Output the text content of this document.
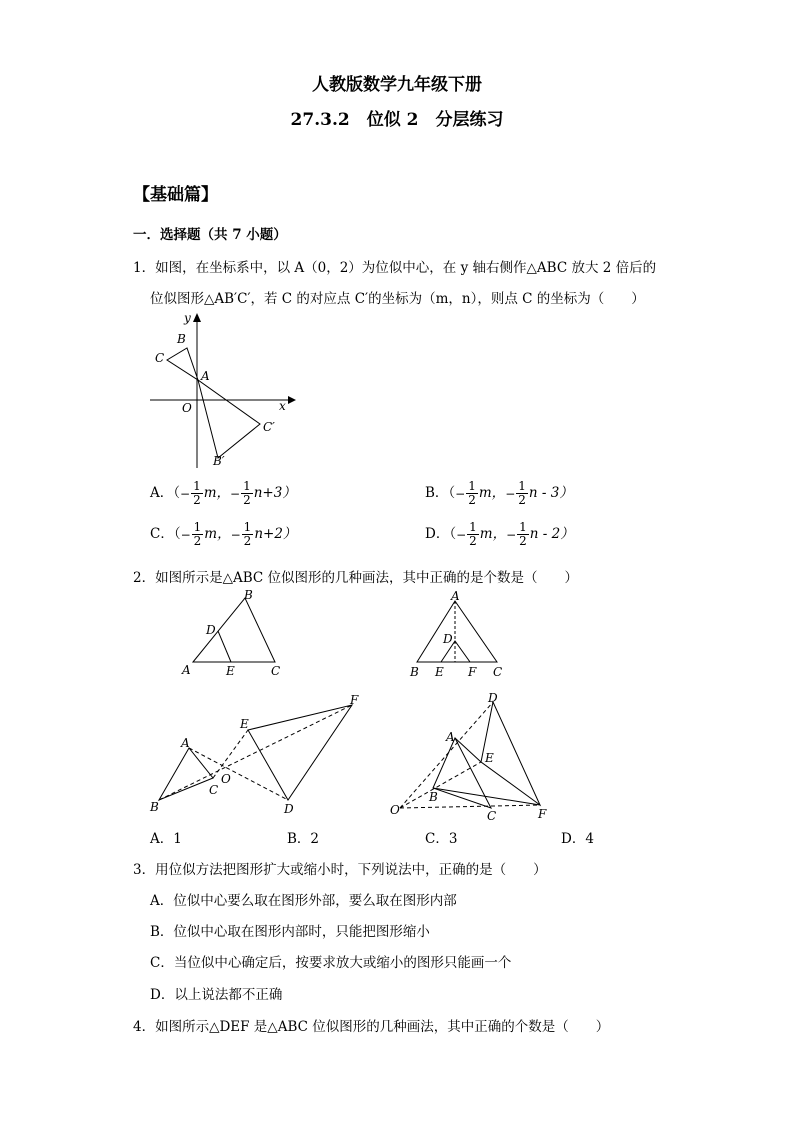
人教版数学九年级下册
27.3.2　位似 2　分层练习
【基础篇】
一．选择题（共 7 小题）
1．如图，在坐标系中，以 A（0，2）为位似中心，在 y 轴右侧作△ABC 放大 2 倍后的
位似图形△AB′C′，若 C 的对应点 C′的坐标为（m，n），则点 C 的坐标为（　　）
y
x
B
C
A
O
C′
B′
A．（− $\frac{1}{2}$ m，− $\frac{1}{2} n+3$）	B．（− $\frac{1}{2}$ m，− $\frac{1}{2}$ n - 3）
C．（− $\frac{1}{2}$ m，− $\frac{1}{2} n+2$）	D．（− $\frac{1}{2}$ m，− $\frac{1}{2}$ n - 2）
2．如图所示是△ABC 位似图形的几种画法，其中正确的是个数是（　　）
B
D
A	E	C
A
D
B E F C
A
B
C
O
E
F
D
D
A
E
B
O	C	F
A．1	B．2	C．3	D．4
3．用位似方法把图形扩大或缩小时，下列说法中，正确的是（　　）
A．位似中心要么取在图形外部，要么取在图形内部
B．位似中心取在图形内部时，只能把图形缩小
C．当位似中心确定后，按要求放大或缩小的图形只能画一个
D．以上说法都不正确
4．如图所示△DEF 是△ABC 位似图形的几种画法，其中正确的个数是（　　）
